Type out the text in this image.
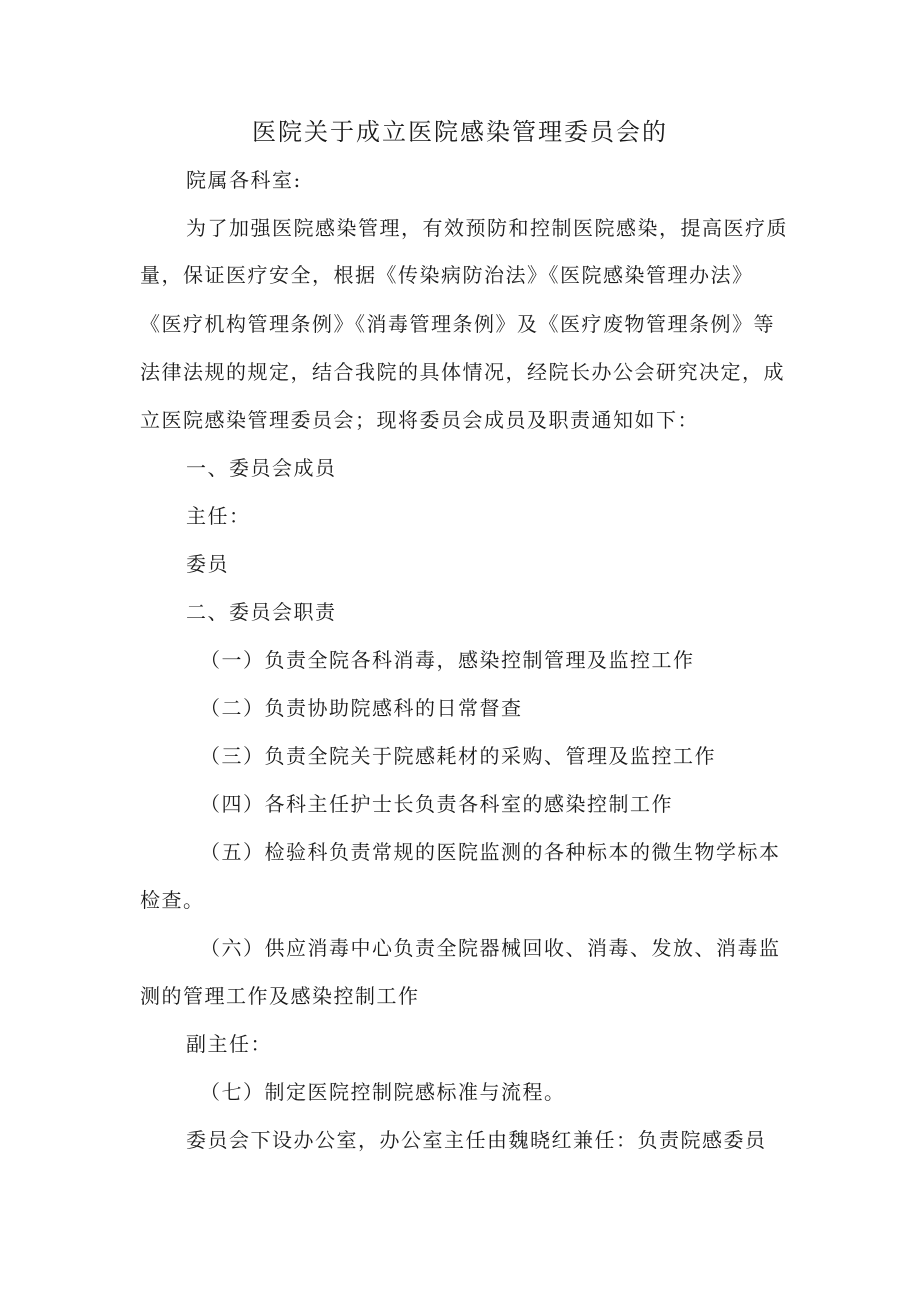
医院关于成立医院感染管理委员会的
院属各科室:
为了加强医院感染管理，有效预防和控制医院感染，提高医疗质
量，保证医疗安全，根据《传染病防治法》《医院感染管理办法》
《医疗机构管理条例》《消毒管理条例》及《医疗废物管理条例》等
法律法规的规定，结合我院的具体情况，经院长办公会研究决定，成
立医院感染管理委员会；现将委员会成员及职责通知如下：
一、委员会成员
主任：
委员
二、委员会职责
（一）负责全院各科消毒，感染控制管理及监控工作
（二）负责协助院感科的日常督查
（三）负责全院关于院感耗材的采购、管理及监控工作
（四）各科主任护士长负责各科室的感染控制工作
（五）检验科负责常规的医院监测的各种标本的微生物学标本
检查。
（六）供应消毒中心负责全院器械回收、消毒、发放、消毒监
测的管理工作及感染控制工作
副主任：
（七）制定医院控制院感标准与流程。
委员会下设办公室，办公室主任由魏晓红兼任：负责院感委员
